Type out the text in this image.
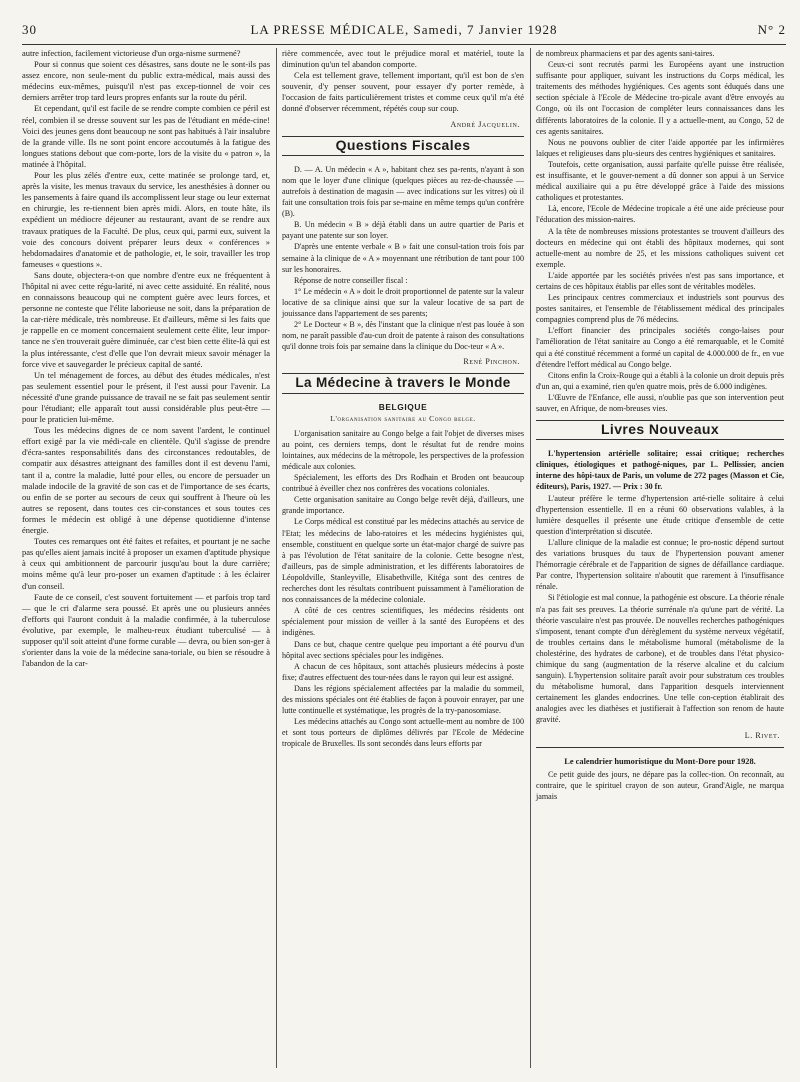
30	LA PRESSE MÉDICALE, Samedi, 7 Janvier 1928	N° 2

autre infection, facilement victorieuse d'un orga-nisme surmené?

Pour si connus que soient ces désastres, sans doute ne le sont-ils pas assez encore, non seule-ment du public extra-médical, mais aussi des médecins eux-mêmes, puisqu'il n'est pas excep-tionnel de voir ces derniers arrêter trop tard leurs propres enfants sur la route du péril.

Et cependant, qu'il est facile de se rendre compte combien ce péril est réel, combien il se dresse souvent sur les pas de l'étudiant en méde-cine! Voici des jeunes gens dont beaucoup ne sont pas habitués à l'air insalubre de la grande ville. Ils ne sont point encore accoutumés à la fatigue des longues stations debout que com-porte, lors de la visite du « patron », la matinée à l'hôpital.

Pour les plus zélés d'entre eux, cette matinée se prolonge tard, et, après la visite, les menus travaux du service, les anesthésies à donner ou les pansements à faire quand ils accomplissent leur stage ou leur externat en chirurgie, les re-tiennent bien après midi. Alors, en toute hâte, ils expédient un médiocre déjeuner au restaurant, avant de se rendre aux travaux pratiques de la Faculté. De plus, ceux qui, parmi eux, suivent la voie des concours doivent préparer leurs deux « conférences » hebdomadaires d'anatomie et de pathologie, et, le soir, travailler les trop fameuses « questions ».

Sans doute, objectera-t-on que nombre d'entre eux ne fréquentent à l'hôpital ni avec cette régu-larité, ni avec cette assiduité. En réalité, nous en connaissons beaucoup qui ne comptent guère avec leurs forces, et personne ne conteste que l'élite laborieuse ne soit, dans la préparation de la car-rière médicale, très nombreuse. Et d'ailleurs, même si les faits que je rappelle en ce moment concernaient seulement cette élite, leur impor-tance ne s'en trouverait guère diminuée, car c'est bien cette élite-là qui est la plus intéressante, c'est d'elle que l'on devrait mieux savoir ménager la force vive et sauvegarder le précieux capital de santé.

Un tel ménagement de forces, au début des études médicales, n'est pas seulement essentiel pour le présent, il l'est aussi pour l'avenir. La nécessité d'une grande puissance de travail ne se fait pas seulement sentir pour l'étudiant; elle apparaît tout aussi considérable plus peut-être — pour le praticien lui-même.

Tous les médecins dignes de ce nom savent l'ardent, le continuel effort exigé par la vie médi-cale en clientèle. Qu'il s'agisse de prendre d'écra-santes responsabilités dans des circonstances redoutables, de compatir aux désastres atteignant des familles dont il est devenu l'ami, tant il a, contre la maladie, lutté pour elles, ou encore de persuader un malade indocile de la gravité de son cas et de l'importance de ses écarts, ou enfin de se porter au secours de ceux qui souffrent à l'heure où les autres se reposent, dans toutes ces cir-constances et sous toutes ces formes le médecin est obligé à une dépense quotidienne d'intense énergie.

Toutes ces remarques ont été faites et refaites, et pourtant je ne sache pas qu'elles aient jamais incité à proposer un examen d'aptitude physique à ceux qui ambitionnent de parcourir jusqu'au bout la dure carrière; moins même qu'à leur pro-poser un examen d'aptitude : à les éclairer d'un conseil.

Faute de ce conseil, c'est souvent fortuitement — et parfois trop tard — que le cri d'alarme sera poussé. Et après une ou plusieurs années d'efforts qui l'auront conduit à la maladie confirmée, à la tuberculose évolutive, par exemple, le malheu-reux étudiant tuberculisé — à supposer qu'il soit atteint d'une forme curable — devra, ou bien son-ger à s'orienter dans la voie de la médecine sana-toriale, ou bien se résoudre à l'abandon de la car-

rière commencée, avec tout le préjudice moral et matériel, toute la diminution qu'un tel abandon comporte.

Cela est tellement grave, tellement important, qu'il est bon de s'en souvenir, d'y penser souvent, pour essayer d'y porter remède, à l'occasion de faits particulièrement tristes et comme ceux qu'il m'a été donné d'observer récemment, répétés coup sur coup.

André Jacquelin.
Questions Fiscales

D. — A. Un médecin « A », habitant chez ses pa-rents, n'ayant à son nom que le loyer d'une clinique (quelques pièces au rez-de-chaussée — autrefois à destination de magasin — avec indications sur les vitres) où il fait une consultation trois fois par se-maine en même temps qu'un confrère (B).

B. Un médecin « B » déjà établi dans un autre quartier de Paris et payant une patente sur son loyer.

D'après une entente verbale « B » fait une consul-tation trois fois par semaine à la clinique de « A » moyennant une rétribution de tant pour 100 sur les honoraires.

Réponse de notre conseiller fiscal :

1° Le médecin « A » doit le droit proportionnel de patente sur la valeur locative de sa clinique ainsi que sur la valeur locative de sa part de jouissance dans l'appartement de ses parents;

2° Le Docteur « B », dès l'instant que la clinique n'est pas louée à son nom, ne paraît passible d'au-cun droit de patente à raison des consultations qu'il donne trois fois par semaine dans la clinique du Doc-teur « A ».

René Pinchon.
La Médecine à travers le Monde
BELGIQUE
L'organisation sanitaire au Congo belge.

L'organisation sanitaire au Congo belge a fait l'objet de diverses mises au point, ces derniers temps, dont le résultat fut de rendre moins lointaines, aux médecins de la métropole, les perspectives de la profession médicale aux colonies.

Spécialement, les efforts des Drs Rodhain et Broden ont beaucoup contribué à éveiller chez nos confrères des vocations coloniales.

Cette organisation sanitaire au Congo belge revêt déjà, d'ailleurs, une grande importance.

Le Corps médical est constitué par les médecins attachés au service de l'Etat; les médecins de labo-ratoires et les médecins hygiénistes qui, ensemble, constituent en quelque sorte un état-major chargé de suivre pas à pas l'évolution de l'état sanitaire de la colonie. Cette besogne n'est, d'ailleurs, pas de simple administration, et les différents laboratoires de Léopoldville, Stanleyville, Elisabethville, Kitéga sont des centres de recherches dont les résultats contribuent puissamment à l'amélioration de nos connaissances de la médecine coloniale.

A côté de ces centres scientifiques, les médecins résidents ont spécialement pour mission de veiller à la santé des Européens et des indigènes.

Dans ce but, chaque centre quelque peu important a été pourvu d'un hôpital avec sections spéciales pour les indigènes.

A chacun de ces hôpitaux, sont attachés plusieurs médecins à poste fixe; d'autres effectuent des tour-nées dans le rayon qui leur est assigné.

Dans les régions spécialement affectées par la maladie du sommeil, des missions spéciales ont été établies de façon à pouvoir enrayer, par une lutte continuelle et systématique, les progrès de la try-panosomiase.

Les médecins attachés au Congo sont actuelle-ment au nombre de 100 et sont tous porteurs de diplômes délivrés par l'Ecole de Médecine tropicale de Bruxelles. Ils sont secondés dans leurs efforts par

de nombreux pharmaciens et par des agents sani-taires.

Ceux-ci sont recrutés parmi les Européens ayant une instruction suffisante pour appliquer, suivant les instructions du Corps médical, les traitements des méthodes hygiéniques. Ces agents sont éduqués dans une section spéciale à l'Ecole de Médecine tro-picale avant d'être envoyés au Congo, où ils ont l'occasion de compléter leurs connaissances dans les différents laboratoires de la colonie. Il y a actuelle-ment, au Congo, 52 de ces agents sanitaires.

Nous ne pouvons oublier de citer l'aide apportée par les infirmières laïques et religieuses dans plu-sieurs des centres hygiéniques et sanitaires.

Toutefois, cette organisation, aussi parfaite qu'elle puisse être réalisée, est insuffisante, et le gouver-nement a dû donner son appui à un Service médical auxiliaire qui a pu être développé grâce à l'aide des missions catholiques et protestantes.

Là, encore, l'Ecole de Médecine tropicale a été une aide précieuse pour l'éducation des mission-naires.

A la tête de nombreuses missions protestantes se trouvent d'ailleurs des docteurs en médecine qui ont établi des hôpitaux modernes, qui sont actuelle-ment au nombre de 25, et les missions catholiques suivent cet exemple.

L'aide apportée par les sociétés privées n'est pas sans importance, et certains de ces hôpitaux établis par elles sont de véritables modèles.

Les principaux centres commerciaux et industriels sont pourvus des postes sanitaires, et l'ensemble de l'établissement médical des principales compagnies comprend plus de 76 médecins.

L'effort financier des principales sociétés congo-laises pour l'amélioration de l'état sanitaire au Congo a été remarquable, et le Comité qui a été constitué récemment a formé un capital de 4.000.000 de fr., en vue d'étendre l'effort médical au Congo belge.

Citons enfin la Croix-Rouge qui a établi à la colonie un droit depuis près d'un an, qui a examiné, rien qu'en quatre mois, près de 6.000 indigènes.

L'Œuvre de l'Enfance, elle aussi, n'oublie pas que son intervention peut sauver, en Afrique, de nom-breuses vies.

Livres Nouveaux

L'hypertension artérielle solitaire; essai critique; recherches cliniques, étiologiques et pathogé-niques, par L. Pellissier, ancien interne des hôpi-taux de Paris, un volume de 272 pages (Masson et Cie, éditeurs), Paris, 1927. — Prix : 30 fr.

L'auteur préfère le terme d'hypertension arté-rielle solitaire à celui d'hypertension essentielle. Il en a réuni 60 observations valables, à la lumière desquelles il présente une étude critique d'ensemble de cette question d'interprétation si discutée.

L'allure clinique de la maladie est connue; le pro-nostic dépend surtout des variations brusques du taux de l'hypertension pouvant amener l'hémorragie cérébrale et de l'apparition de signes de défaillance cardiaque. Par contre, l'hypertension solitaire n'aboutit que rarement à l'insuffisance rénale.

Si l'étiologie est mal connue, la pathogénie est obscure. La théorie rénale n'a pas fait ses preuves. La théorie surrénale n'a qu'une part de vérité. La théorie vasculaire n'est pas prouvée. De nouvelles recherches pathogéniques s'imposent, tenant compte d'un dérèglement du système nerveux végétatif, de troubles certains dans le métabolisme humoral (métabolisme de la cholestérine, des hydrates de carbone), et de troubles dans l'état physico-chimique du sang (augmentation de la réserve alcaline et du calcium sanguin). L'hypertension solitaire paraît avoir pour substratum ces troubles du métabolisme humoral, dans l'apparition desquels interviennent certainement les glandes endocrines. Une telle con-ception établirait des analogies avec les diathèses et justifierait à l'affection son renom de haute gravité.

L. Rivet.
Le calendrier humoristique du Mont-Dore pour 1928.

Ce petit guide des jours, ne dépare pas la collec-tion. On reconnaît, au contraire, que le spirituel crayon de son auteur, Grand'Aigle, ne marqua jamais
